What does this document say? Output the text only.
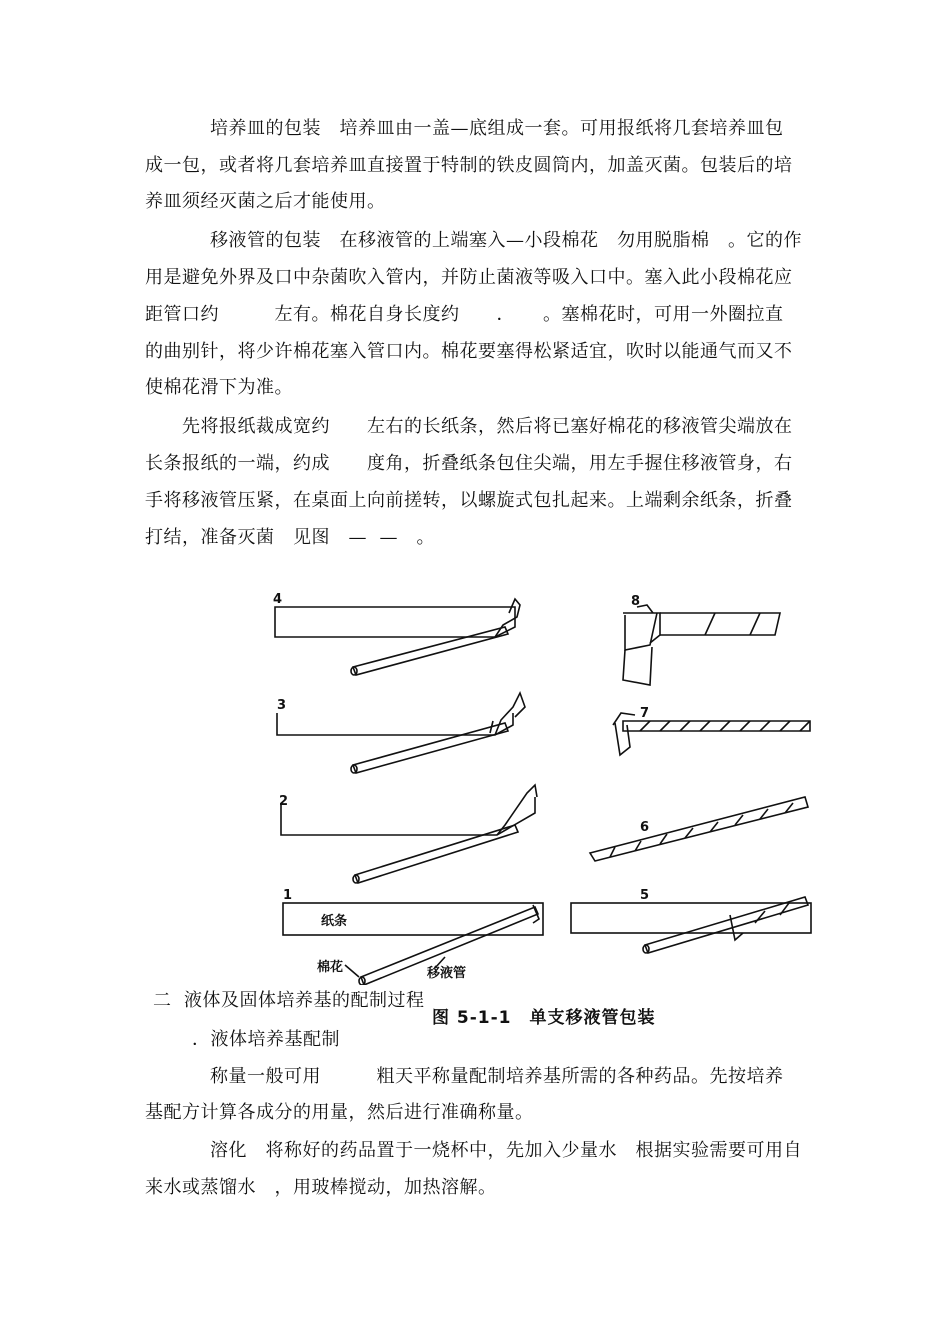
培养皿的包装　培养皿由一盖—底组成一套。可用报纸将几套培养皿包
成一包，或者将几套培养皿直接置于特制的铁皮圆筒内，加盖灭菌。包装后的培
养皿须经灭菌之后才能使用。
移液管的包装　在移液管的上端塞入—小段棉花　勿用脱脂棉　。它的作
用是避免外界及口中杂菌吹入管内，并防止菌液等吸入口中。塞入此小段棉花应
距管口约　　　左有。棉花自身长度约　　．　　。塞棉花时，可用一外圈拉直
的曲别针，将少许棉花塞入管口内。棉花要塞得松紧适宜，吹时以能通气而又不
使棉花滑下为准。
先将报纸裁成宽约　　左右的长纸条，然后将已塞好棉花的移液管尖端放在
长条报纸的一端，约成　　度角，折叠纸条包住尖端，用左手握住移液管身，右
手将移液管压紧，在桌面上向前搓转，以螺旋式包扎起来。上端剩余纸条，折叠
打结，准备灭菌　见图　—  —　。
4
3
2
1
8
7
6
5
纸条
棉花	移液管
二  液体及固体培养基的配制过程
图 5-1-1　单支移液管包装
．液体培养基配制
称量一般可用　　　粗天平称量配制培养基所需的各种药品。先按培养
基配方计算各成分的用量，然后进行准确称量。
溶化　将称好的药品置于一烧杯中，先加入少量水　根据实验需要可用自
来水或蒸馏水　，用玻棒搅动，加热溶解。
